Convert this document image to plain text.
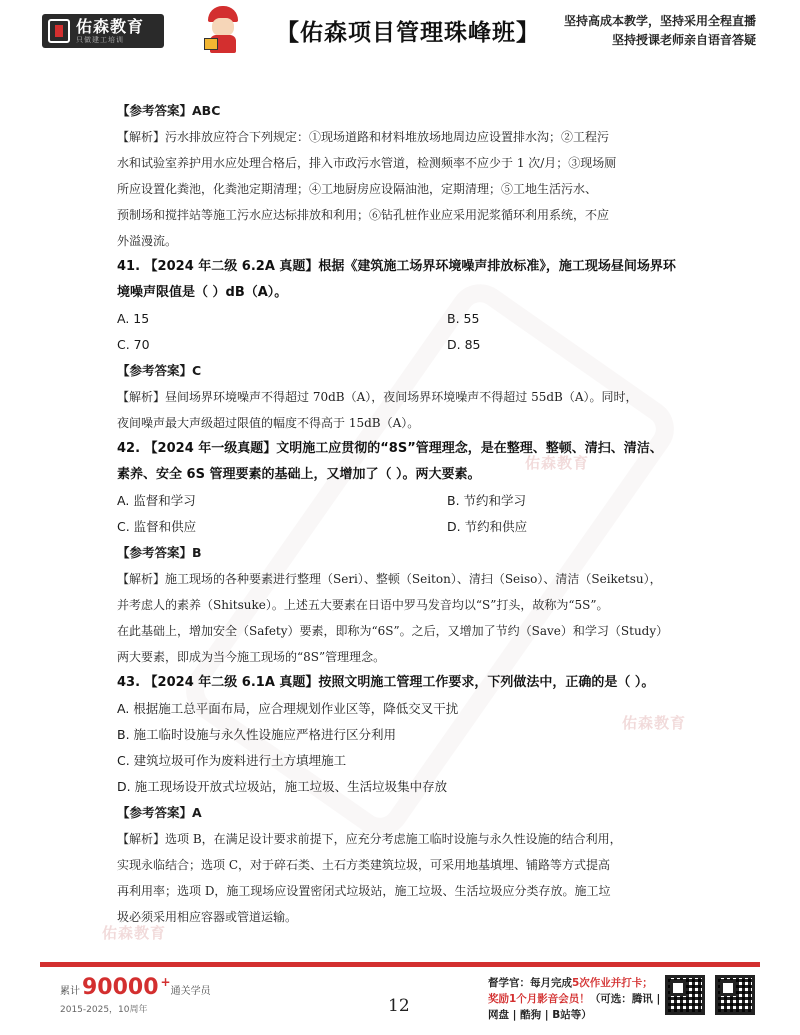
佑森教育
只做建工培训	【佑森项目管理珠峰班】 坚持高成本教学，坚持采用全程直播
坚持授课老师亲自语音答疑
佑森教育
佑森教育
佑森教育
【参考答案】ABC
【解析】污水排放应符合下列规定：①现场道路和材料堆放场地周边应设置排水沟；②工程污
水和试验室养护用水应处理合格后，排入市政污水管道，检测频率不应少于 1 次/月；③现场厕
所应设置化粪池，化粪池定期清理；④工地厨房应设隔油池，定期清理；⑤工地生活污水、
预制场和搅拌站等施工污水应达标排放和利用；⑥钻孔桩作业应采用泥浆循环利用系统，不应
外溢漫流。
41. 【2024 年二级 6.2A 真题】根据《建筑施工场界环境噪声排放标准》，施工现场昼间场界环
境噪声限值是（ ）dB（A）。
A. 15	B. 55
C. 70	D. 85
【参考答案】C
【解析】昼间场界环境噪声不得超过 70dB（A），夜间场界环境噪声不得超过 55dB（A）。同时，
夜间噪声最大声级超过限值的幅度不得高于 15dB（A）。
42. 【2024 年一级真题】文明施工应贯彻的“8S”管理理念，是在整理、整顿、清扫、清洁、
素养、安全 6S 管理要素的基础上，又增加了（ ）。两大要素。
A. 监督和学习	B. 节约和学习
C. 监督和供应	D. 节约和供应
【参考答案】B
【解析】施工现场的各种要素进行整理（Seri）、整顿（Seiton）、清扫（Seiso）、清洁（Seiketsu），
并考虑人的素养（Shitsuke）。上述五大要素在日语中罗马发音均以“S”打头，故称为“5S”。
在此基础上，增加安全（Safety）要素，即称为“6S”。之后，又增加了节约（Save）和学习（Study）
两大要素，即成为当今施工现场的“8S”管理理念。
43. 【2024 年二级 6.1A 真题】按照文明施工管理工作要求，下列做法中，正确的是（ ）。
A. 根据施工总平面布局，应合理规划作业区等，降低交叉干扰
B. 施工临时设施与永久性设施应严格进行区分利用
C. 建筑垃圾可作为废料进行土方填埋施工
D. 施工现场设开放式垃圾站，施工垃圾、生活垃圾集中存放
【参考答案】A
【解析】选项 B，在满足设计要求前提下，应充分考虑施工临时设施与永久性设施的结合利用，
实现永临结合；选项 C，对于碎石类、土石方类建筑垃圾，可采用地基填埋、铺路等方式提高
再利用率；选项 D，施工现场应设置密闭式垃圾站，施工垃圾、生活垃圾应分类存放。施工垃
圾必须采用相应容器或管道运输。
累计 90000 +
通关学员
2015-2025，10周年	12
督学官：每月完成5次作业并打卡；
奖励1个月影音会员！（可选：腾讯 |
网盘 | 酷狗 | B站等）
